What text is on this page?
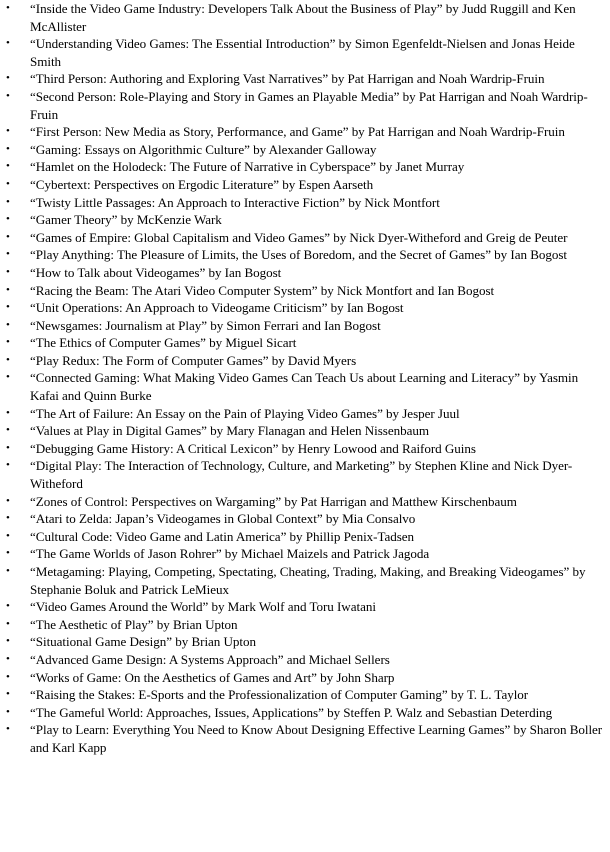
• “Inside the Video Game Industry: Developers Talk About the Business of Play” by Judd Ruggill and Ken McAllister
• “Understanding Video Games: The Essential Introduction” by Simon Egenfeldt-Nielsen and Jonas Heide Smith
• “Third Person: Authoring and Exploring Vast Narratives” by Pat Harrigan and Noah Wardrip-Fruin
• “Second Person: Role-Playing and Story in Games an Playable Media” by Pat Harrigan and Noah Wardrip-Fruin
• “First Person: New Media as Story, Performance, and Game” by Pat Harrigan and Noah Wardrip-Fruin
• “Gaming: Essays on Algorithmic Culture” by Alexander Galloway
• “Hamlet on the Holodeck: The Future of Narrative in Cyberspace” by Janet Murray
• “Cybertext: Perspectives on Ergodic Literature” by Espen Aarseth
• “Twisty Little Passages: An Approach to Interactive Fiction” by Nick Montfort
• “Gamer Theory” by McKenzie Wark
• “Games of Empire: Global Capitalism and Video Games” by Nick Dyer-Witheford and Greig de Peuter
• “Play Anything: The Pleasure of Limits, the Uses of Boredom, and the Secret of Games” by Ian Bogost
• “How to Talk about Videogames” by Ian Bogost
• “Racing the Beam: The Atari Video Computer System” by Nick Montfort and Ian Bogost
• “Unit Operations: An Approach to Videogame Criticism” by Ian Bogost
• “Newsgames: Journalism at Play” by Simon Ferrari and Ian Bogost
• “The Ethics of Computer Games” by Miguel Sicart
• “Play Redux: The Form of Computer Games” by David Myers
• “Connected Gaming: What Making Video Games Can Teach Us about Learning and Literacy” by Yasmin Kafai and Quinn Burke
• “The Art of Failure: An Essay on the Pain of Playing Video Games” by Jesper Juul
• “Values at Play in Digital Games” by Mary Flanagan and Helen Nissenbaum
• “Debugging Game History: A Critical Lexicon” by Henry Lowood and Raiford Guins
• “Digital Play: The Interaction of Technology, Culture, and Marketing” by Stephen Kline and Nick Dyer-Witheford
• “Zones of Control: Perspectives on Wargaming” by Pat Harrigan and Matthew Kirschenbaum
• “Atari to Zelda: Japan’s Videogames in Global Context” by Mia Consalvo
• “Cultural Code: Video Game and Latin America” by Phillip Penix-Tadsen
• “The Game Worlds of Jason Rohrer” by Michael Maizels and Patrick Jagoda
• “Metagaming: Playing, Competing, Spectating, Cheating, Trading, Making, and Breaking Videogames” by Stephanie Boluk and Patrick LeMieux
• “Video Games Around the World” by Mark Wolf and Toru Iwatani
• “The Aesthetic of Play” by Brian Upton
• “Situational Game Design” by Brian Upton
• “Advanced Game Design: A Systems Approach” and Michael Sellers
• “Works of Game: On the Aesthetics of Games and Art” by John Sharp
• “Raising the Stakes: E-Sports and the Professionalization of Computer Gaming” by T. L. Taylor
• “The Gameful World: Approaches, Issues, Applications” by Steffen P. Walz and Sebastian Deterding
• “Play to Learn: Everything You Need to Know About Designing Effective Learning Games” by Sharon Boller and Karl Kapp
